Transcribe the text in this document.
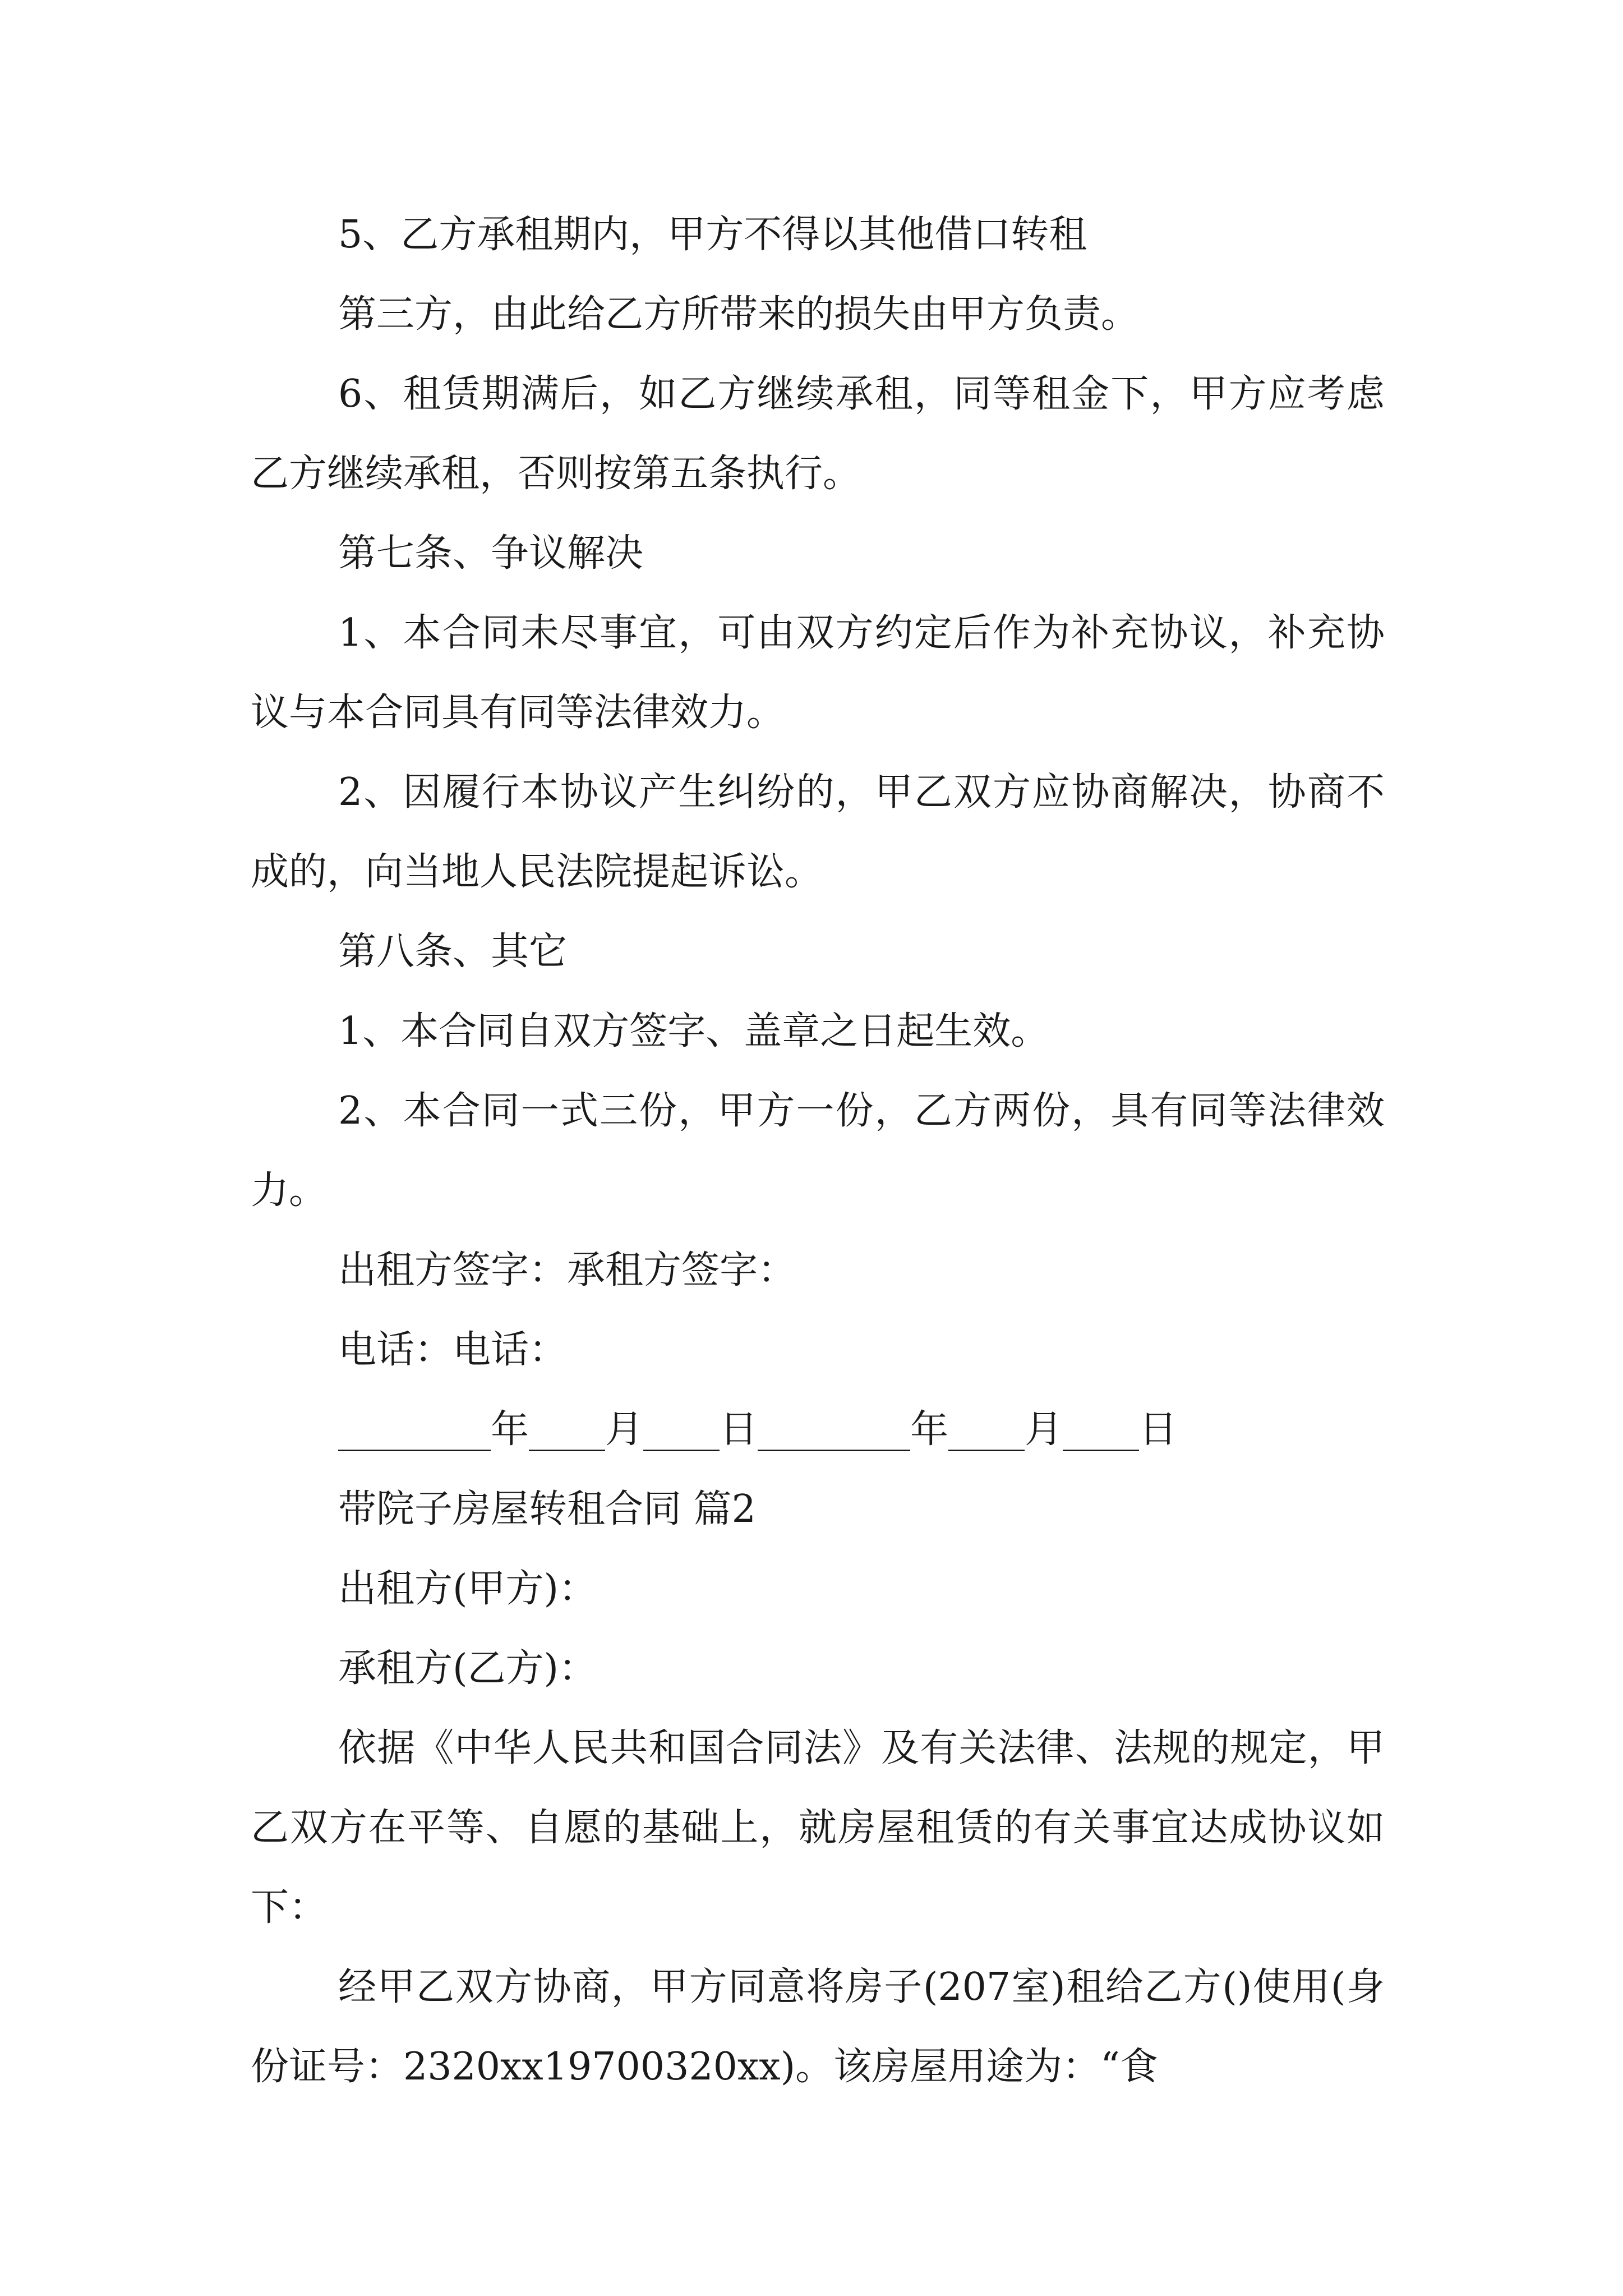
5、乙方承租期内，甲方不得以其他借口转租

第三方，由此给乙方所带来的损失由甲方负责。

6、租赁期满后，如乙方继续承租，同等租金下，甲方应考虑乙方继续承租，否则按第五条执行。

第七条、争议解决

1、本合同未尽事宜，可由双方约定后作为补充协议，补充协议与本合同具有同等法律效力。

2、因履行本协议产生纠纷的，甲乙双方应协商解决，协商不成的，向当地人民法院提起诉讼。

第八条、其它

1、本合同自双方签字、盖章之日起生效。

2、本合同一式三份，甲方一份，乙方两份，具有同等法律效力。

出租方签字：承租方签字：

电话：电话：

________年____月____日________年____月____日

带院子房屋转租合同 篇2

出租方(甲方)：

承租方(乙方)：

依据《中华人民共和国合同法》及有关法律、法规的规定，甲乙双方在平等、自愿的基础上，就房屋租赁的有关事宜达成协议如下：

经甲乙双方协商，甲方同意将房子(207室)租给乙方()使用(身份证号：2320xx19700320xx)。该房屋用途为：“食
